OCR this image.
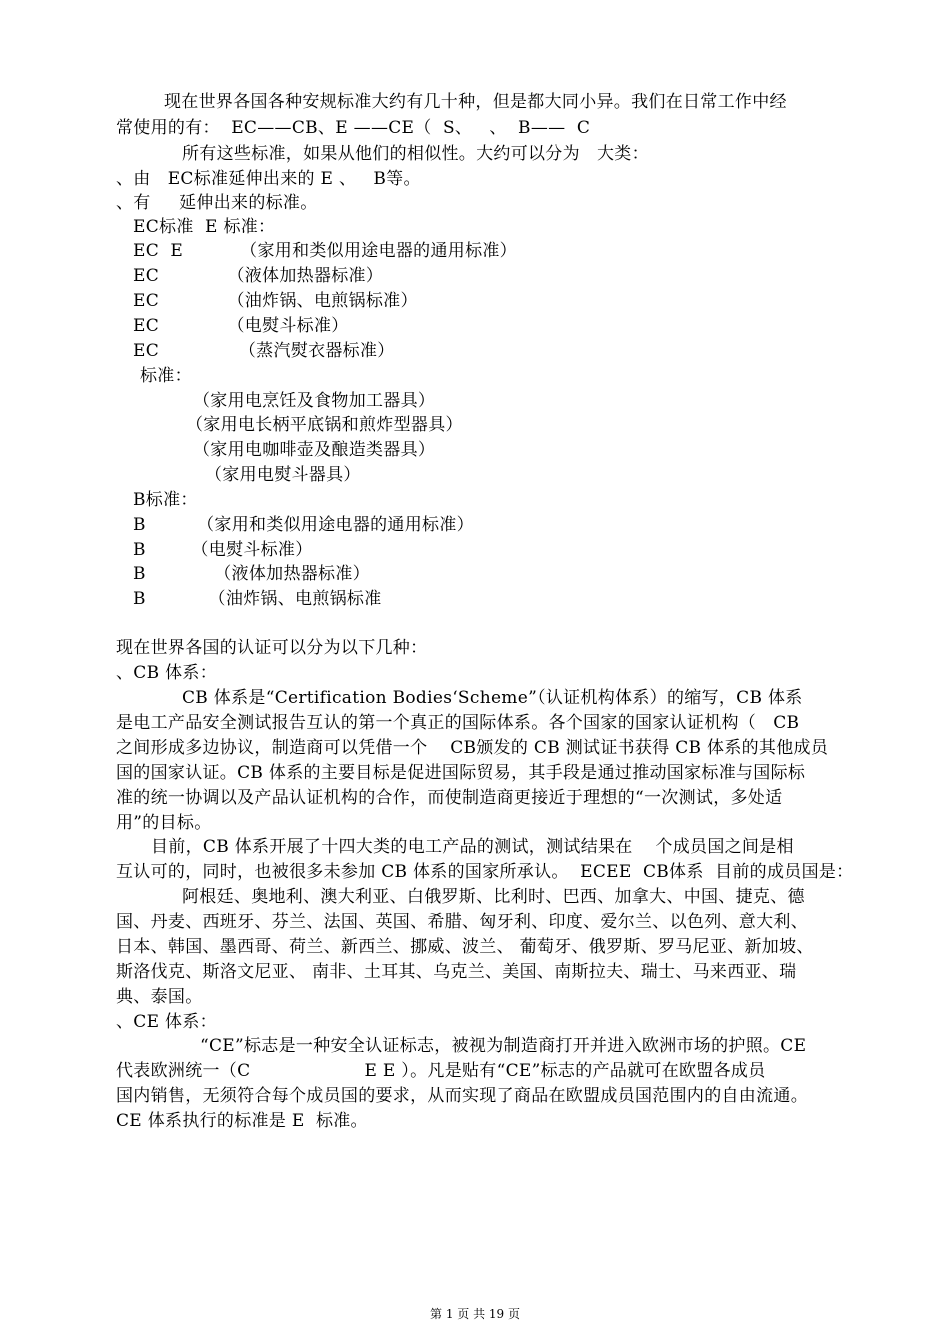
现在世界各国各种安规标准大约有几十种，但是都大同小异。我们在日常工作中经
常使用的有：  EC——CB、E ——CE（  S、   、  B——  C
所有这些标准，如果从他们的相似性。大约可以分为   大类：
、由   EC标准延伸出来的 E 、   B等。
、有     延伸出来的标准。
EC标准  E 标准：
EC  E          （家用和类似用途电器的通用标准）
EC            （液体加热器标准）
EC            （油炸锅、电煎锅标准）
EC            （电熨斗标准）
EC              （蒸汽熨衣器标准）
标准：
（家用电烹饪及食物加工器具）
（家用电长柄平底锅和煎炸型器具）
（家用电咖啡壶及酿造类器具）
（家用电熨斗器具）
B标准：
B         （家用和类似用途电器的通用标准）
B        （电熨斗标准）
B            （液体加热器标准）
B           （油炸锅、电煎锅标准
现在世界各国的认证可以分为以下几种：
、CB 体系：
CB 体系是“Certification Bodies‘Scheme”（认证机构体系）的缩写，CB 体系
是电工产品安全测试报告互认的第一个真正的国际体系。各个国家的国家认证机构（   CB
之间形成多边协议，制造商可以凭借一个    CB颁发的 CB 测试证书获得 CB 体系的其他成员
国的国家认证。CB 体系的主要目标是促进国际贸易，其手段是通过推动国家标准与国际标
准的统一协调以及产品认证机构的合作，而使制造商更接近于理想的“一次测试，多处适
用”的目标。
目前，CB 体系开展了十四大类的电工产品的测试，测试结果在    个成员国之间是相
互认可的，同时，也被很多未参加 CB 体系的国家所承认。  ECEE  CB体系  目前的成员国是：
阿根廷、奥地利、澳大利亚、白俄罗斯、比利时、巴西、加拿大、中国、捷克、德
国、丹麦、西班牙、芬兰、法国、英国、希腊、匈牙利、印度、爱尔兰、以色列、意大利、
日本、韩国、墨西哥、荷兰、新西兰、挪威、波兰、 葡萄牙、俄罗斯、罗马尼亚、新加坡、
斯洛伐克、斯洛文尼亚、 南非、土耳其、乌克兰、美国、南斯拉夫、瑞士、马来西亚、瑞
典、泰国。
、CE 体系：
“CE”标志是一种安全认证标志，被视为制造商打开并进入欧洲市场的护照。CE
代表欧洲统一（C                    E E ）。凡是贴有“CE”标志的产品就可在欧盟各成员
国内销售，无须符合每个成员国的要求，从而实现了商品在欧盟成员国范围内的自由流通。
CE 体系执行的标准是 E  标准。
第 1 页 共 19 页
